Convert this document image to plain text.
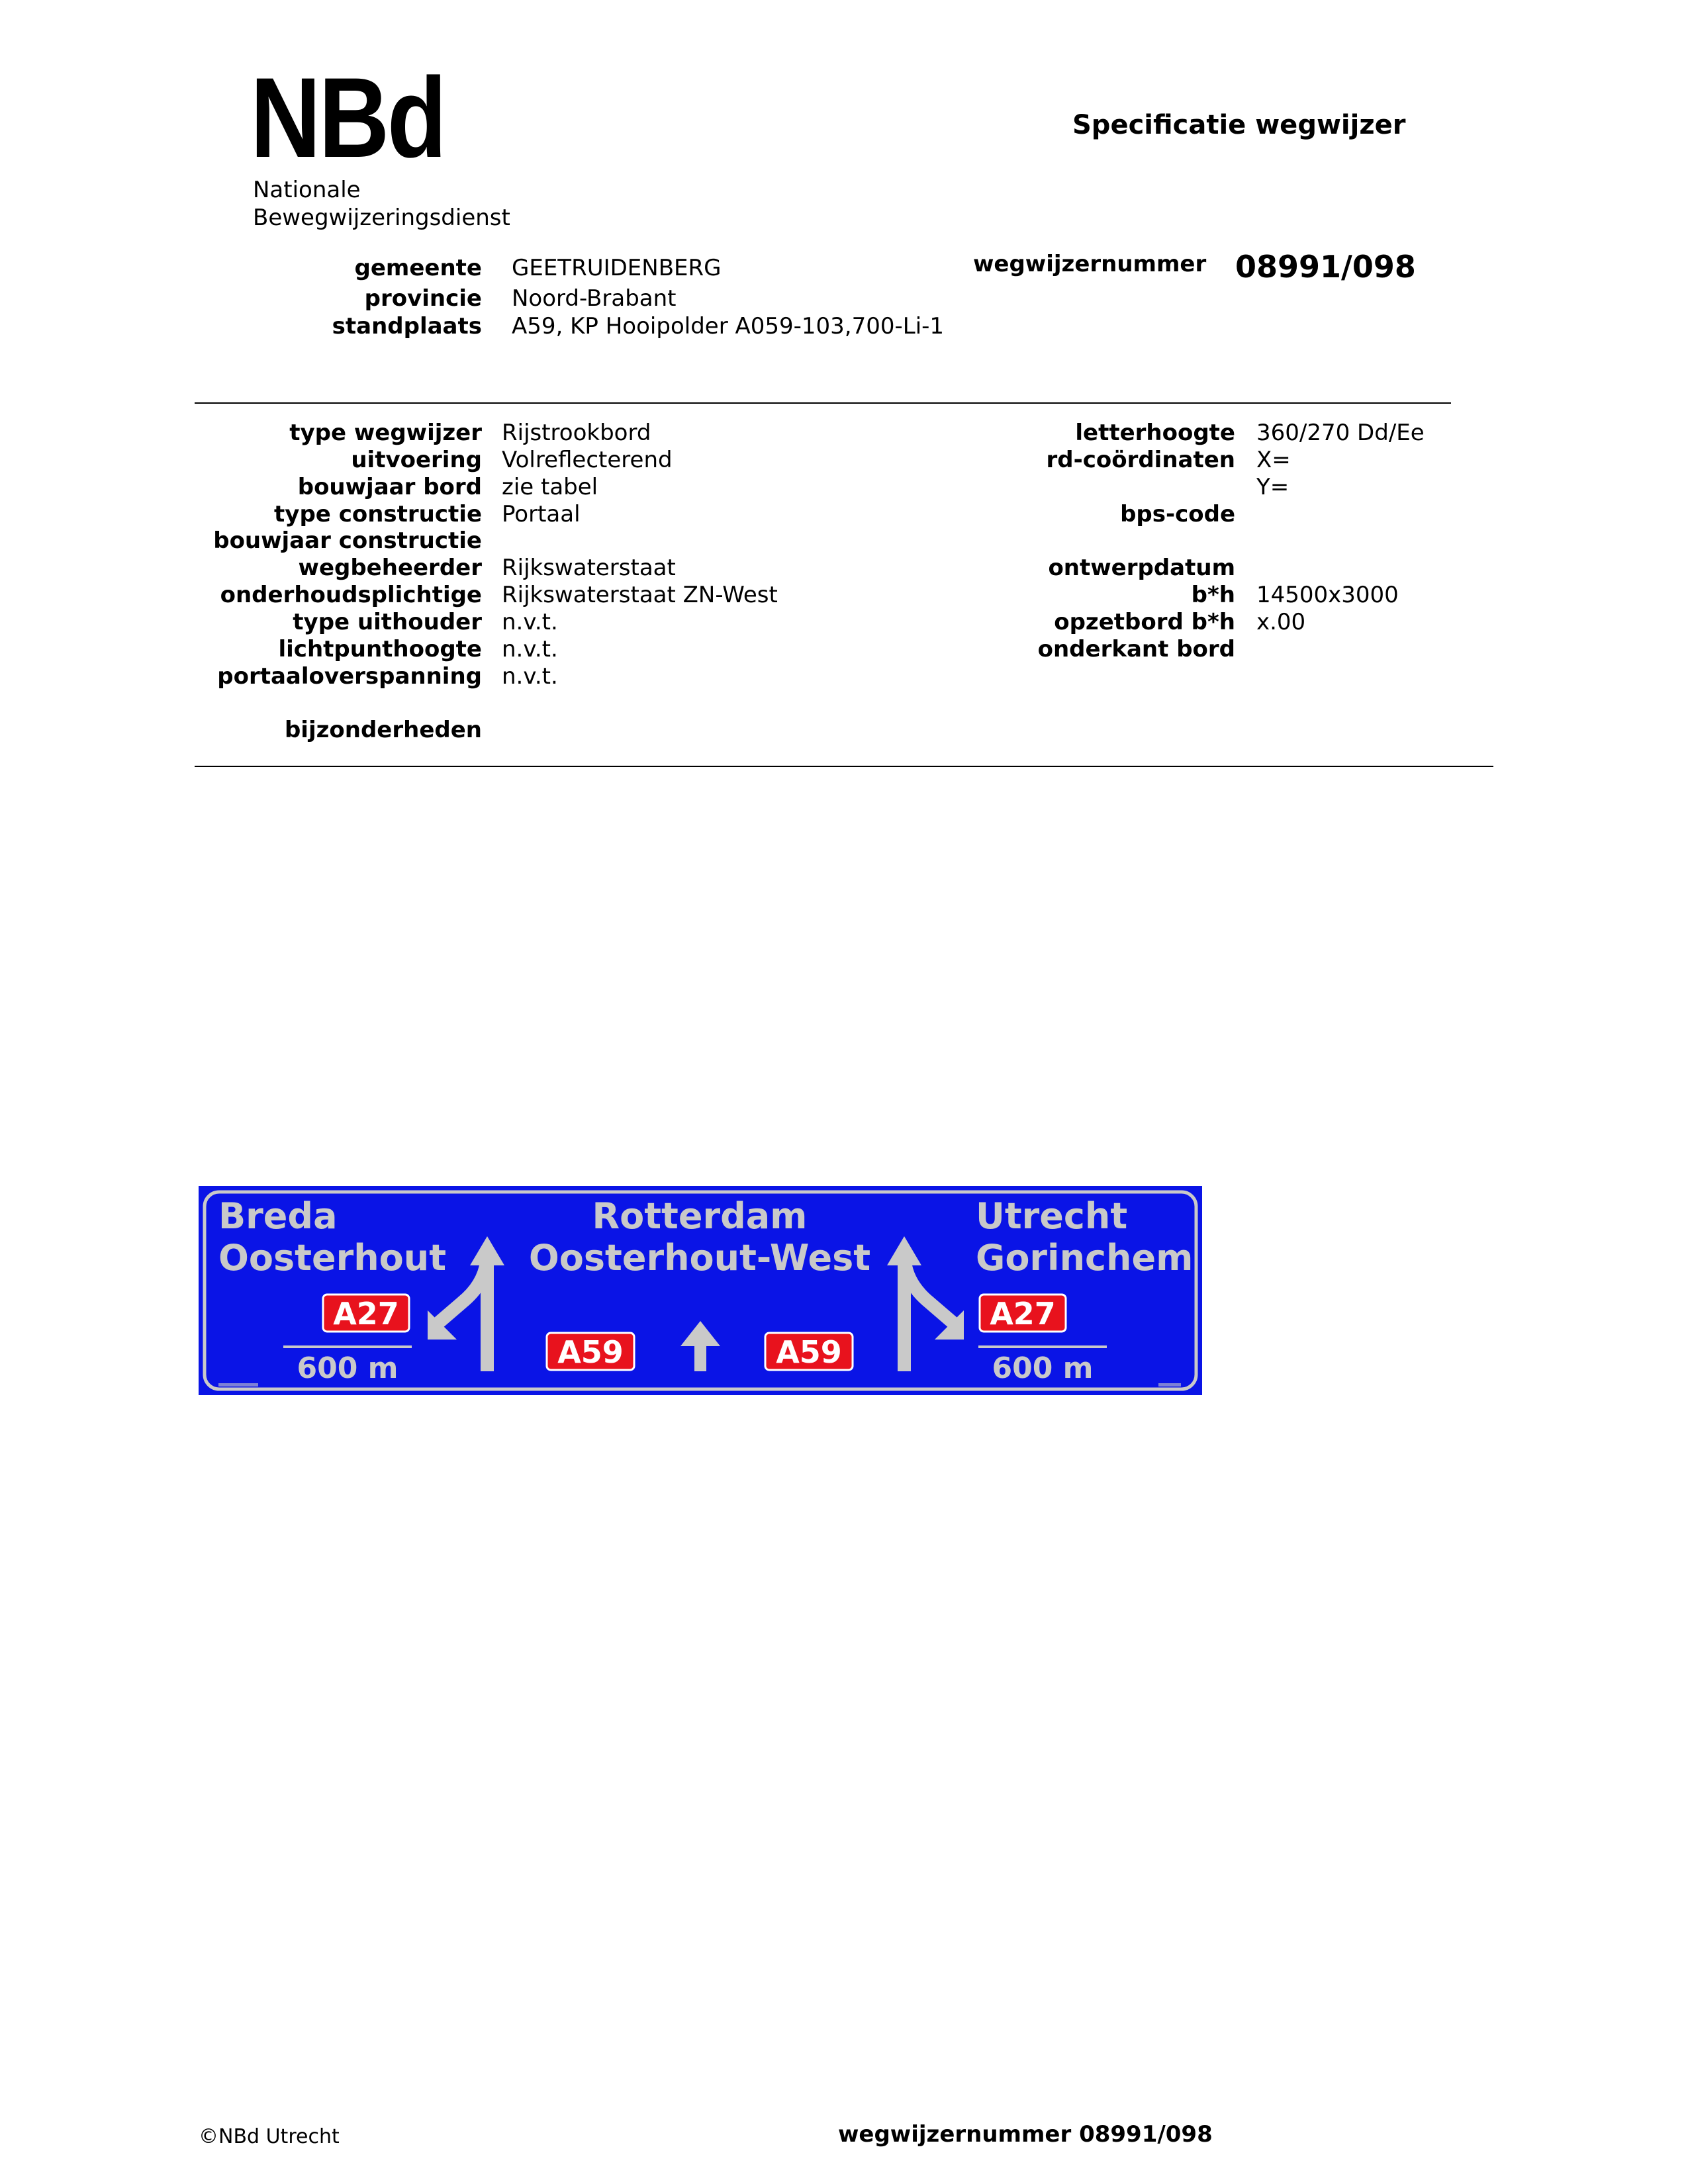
NBd
Nationale
Bewegwijzeringsdienst
Specificatie wegwijzer
gemeente GEETRUIDENBERG
provincie Noord-Brabant
standplaats A59, KP Hooipolder A059-103,700-Li-1
wegwijzernummer 08991/098
type wegwijzer Rijstrookbord
uitvoering Volreflecterend
bouwjaar bord zie tabel
type constructie Portaal
bouwjaar constructie
wegbeheerder Rijkswaterstaat
onderhoudsplichtige Rijkswaterstaat ZN-West
type uithouder n.v.t.
lichtpunthoogte n.v.t.
portaaloverspanning n.v.t.
bijzonderheden
letterhoogte 360/270 Dd/Ee
rd-coördinaten X=
Y=
bps-code
ontwerpdatum
b*h 14500x3000
opzetbord b*h x.00
onderkant bord
Breda
Oosterhout
A27
600 m
Rotterdam
Oosterhout-West
A59	A59
Utrecht
Gorinchem
A27
600 m
©NBd Utrecht	wegwijzernummer 08991/098
